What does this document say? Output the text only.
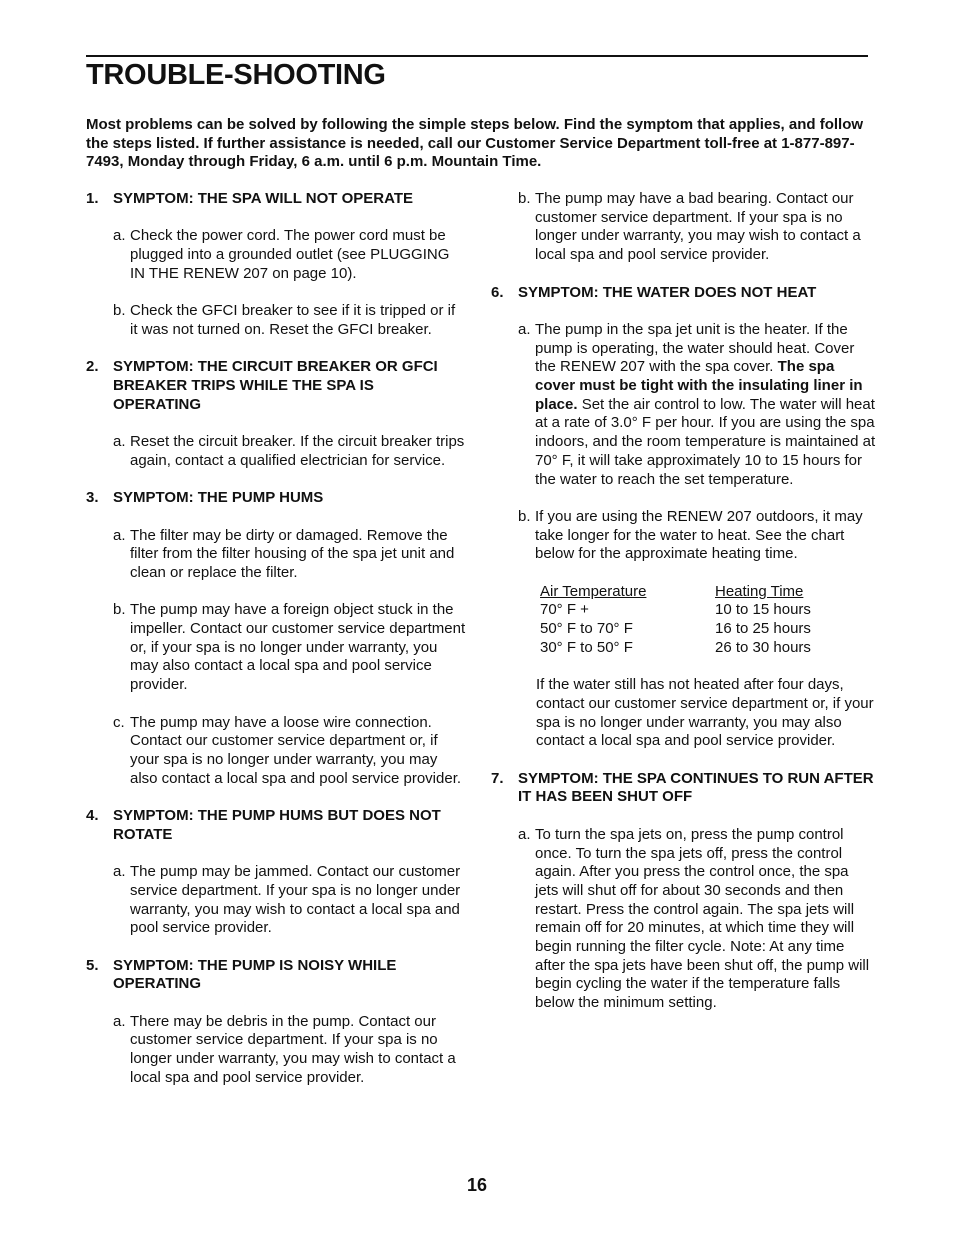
TROUBLE-SHOOTING

Most problems can be solved by following the simple steps below. Find the symptom that applies, and follow the steps listed. If further assistance is needed, call our Customer Service Department toll-free at 1-877-897-7493, Monday through Friday, 6 a.m. until 6 p.m. Mountain Time.

1. SYMPTOM: THE SPA WILL NOT OPERATE
a. Check the power cord. The power cord must be plugged into a grounded outlet (see PLUGGING IN THE RENEW 207 on page 10).
b. Check the GFCI breaker to see if it is tripped or if it was not turned on. Reset the GFCI breaker.
2. SYMPTOM: THE CIRCUIT BREAKER OR GFCI BREAKER TRIPS WHILE THE SPA IS OPERATING
a. Reset the circuit breaker. If the circuit breaker trips again, contact a qualified electrician for service.
3. SYMPTOM: THE PUMP HUMS
a. The filter may be dirty or damaged. Remove the filter from the filter housing of the spa jet unit and clean or replace the filter.
b. The pump may have a foreign object stuck in the impeller. Contact our customer service department or, if your spa is no longer under warranty, you may also contact a local spa and pool service provider.
c. The pump may have a loose wire connection. Contact our customer service department or, if your spa is no longer under warranty, you may also contact a local spa and pool service provider.
4. SYMPTOM: THE PUMP HUMS BUT DOES NOT ROTATE
a. The pump may be jammed. Contact our customer service department. If your spa is no longer under warranty, you may wish to contact a local spa and pool service provider.
5. SYMPTOM: THE PUMP IS NOISY WHILE OPERATING
a. There may be debris in the pump. Contact our customer service department. If your spa is no longer under warranty, you may wish to contact a local spa and pool service provider.
b. The pump may have a bad bearing. Contact our customer service department. If your spa is no longer under warranty, you may wish to contact a local spa and pool service provider.
6. SYMPTOM: THE WATER DOES NOT HEAT
a. The pump in the spa jet unit is the heater. If the pump is operating, the water should heat. Cover the RENEW 207 with the spa cover. The spa cover must be tight with the insulating liner in place. Set the air control to low. The water will heat at a rate of 3.0° F per hour. If you are using the spa indoors, and the room temperature is maintained at 70° F, it will take approximately 10 to 15 hours for the water to reach the set temperature.
b. If you are using the RENEW 207 outdoors, it may take longer for the water to heat. See the chart below for the approximate heating time.
Air Temperature	Heating Time
70° F +	10 to 15 hours
50° F to 70° F	16 to 25 hours
30° F to 50° F	26 to 30 hours

If the water still has not heated after four days, contact our customer service department or, if your spa is no longer under warranty, you may also contact a local spa and pool service provider.

7. SYMPTOM: THE SPA CONTINUES TO RUN AFTER IT HAS BEEN SHUT OFF
a. To turn the spa jets on, press the pump control once. To turn the spa jets off, press the control again. After you press the control once, the spa jets will shut off for about 30 seconds and then restart. Press the control again. The spa jets will remain off for 20 minutes, at which time they will begin running the filter cycle. Note: At any time after the spa jets have been shut off, the pump will begin cycling the water if the temperature falls below the minimum setting.
16
